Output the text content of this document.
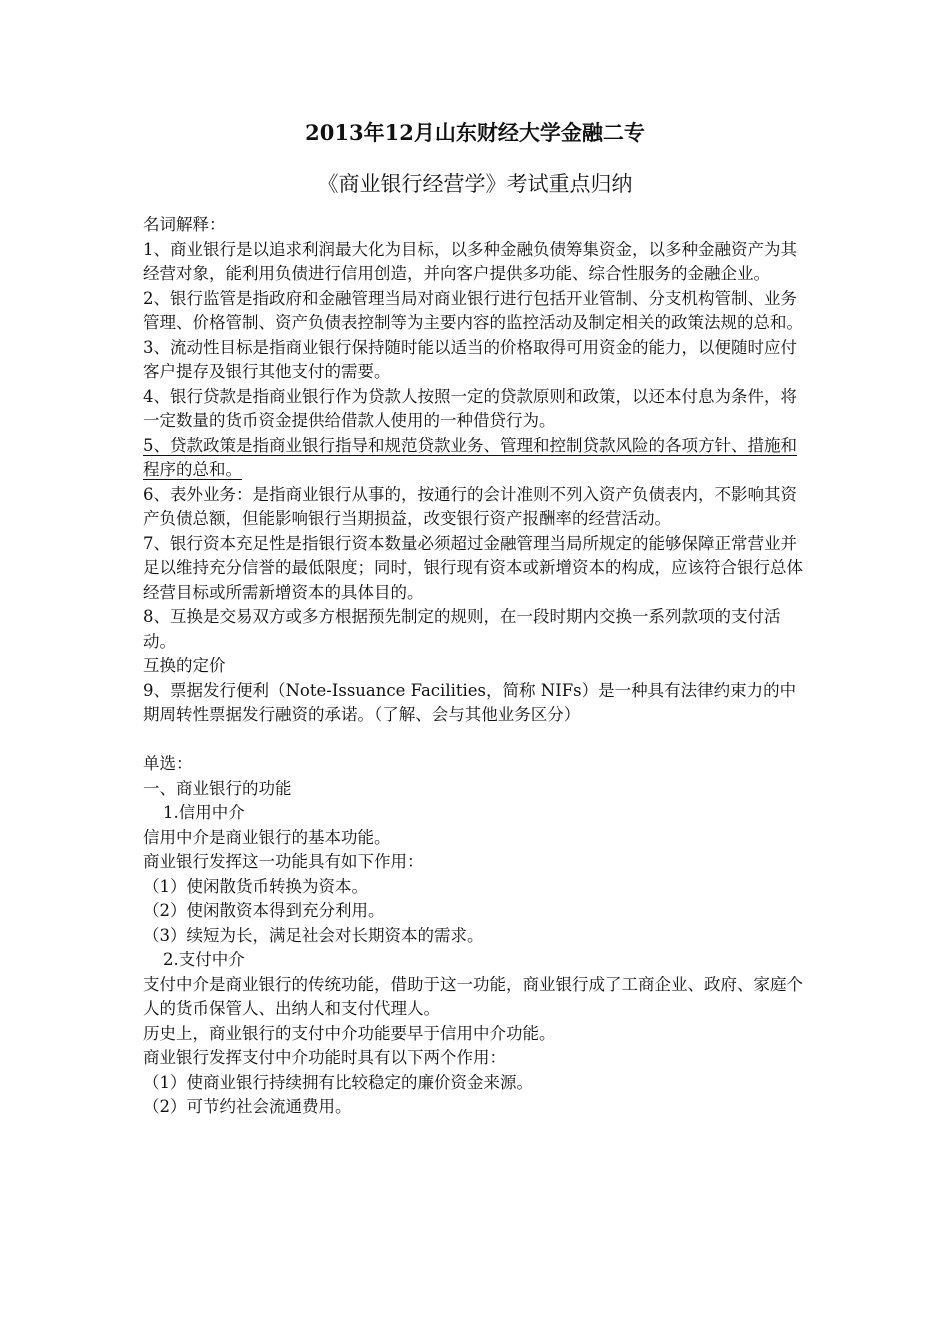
2013年12月山东财经大学金融二专
《商业银行经营学》考试重点归纳

名词解释：

1、商业银行是以追求利润最大化为目标，以多种金融负债筹集资金，以多种金融资产为其经营对象，能利用负债进行信用创造，并向客户提供多功能、综合性服务的金融企业。

2、银行监管是指政府和金融管理当局对商业银行进行包括开业管制、分支机构管制、业务管理、价格管制、资产负债表控制等为主要内容的监控活动及制定相关的政策法规的总和。

3、流动性目标是指商业银行保持随时能以适当的价格取得可用资金的能力，以便随时应付客户提存及银行其他支付的需要。

4、银行贷款是指商业银行作为贷款人按照一定的贷款原则和政策，以还本付息为条件，将一定数量的货币资金提供给借款人使用的一种借贷行为。

5、贷款政策是指商业银行指导和规范贷款业务、管理和控制贷款风险的各项方针、措施和程序的总和。

6、表外业务：是指商业银行从事的，按通行的会计准则不列入资产负债表内，不影响其资产负债总额，但能影响银行当期损益，改变银行资产报酬率的经营活动。

7、银行资本充足性是指银行资本数量必须超过金融管理当局所规定的能够保障正常营业并足以维持充分信誉的最低限度；同时，银行现有资本或新增资本的构成，应该符合银行总体经营目标或所需新增资本的具体目的。

8、互换是交易双方或多方根据预先制定的规则，在一段时期内交换一系列款项的支付活动。

互换的定价

9、票据发行便利（Note-Issuance Facilities，简称 NIFs）是一种具有法律约束力的中期周转性票据发行融资的承诺。（了解、会与其他业务区分）

单选：

一、商业银行的功能

1.信用中介

信用中介是商业银行的基本功能。

商业银行发挥这一功能具有如下作用：

（1）使闲散货币转换为资本。

（2）使闲散资本得到充分利用。

（3）续短为长，满足社会对长期资本的需求。

2.支付中介

支付中介是商业银行的传统功能，借助于这一功能，商业银行成了工商企业、政府、家庭个人的货币保管人、出纳人和支付代理人。

历史上，商业银行的支付中介功能要早于信用中介功能。

商业银行发挥支付中介功能时具有以下两个作用：

（1）使商业银行持续拥有比较稳定的廉价资金来源。

（2）可节约社会流通费用。
